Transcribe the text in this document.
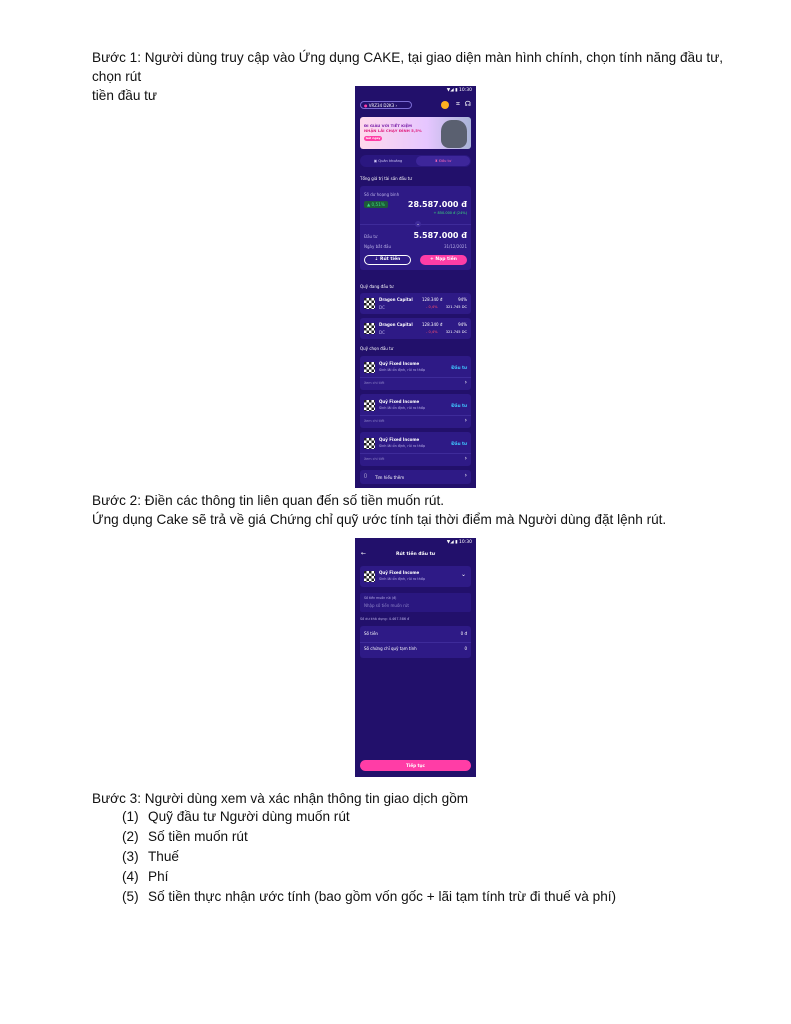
Bước 1: Người dùng truy cập vào Ứng dụng CAKE, tại giao diện màn hình chính, chọn tính năng đầu tư, chọn rút
tiền đầu tư	▼◢ ▮ 10:30
● VRZ34 D2K3 ›	⌗ ☊
ĐI GIÀU VỚI TIẾT KIỆM
NHẬN LÃI CHẠY ĐÌNH 5,5%
Gửi ngay
▣ Quản khoảng	♜ Đầu tư
Tổng giá trị tài sản đầu tư
Số dư hoạng bình
▲ 0,51%	28.587.000 đ
+ 850.000 đ (24%)
⌄
Đầu tư	5.587.000 đ
Ngày bắt đầu	31/12/2021
⇣ Rút tiền	+ Nạp tiền
Quỹ đang đầu tư
Dragon Capital
DC
128.340 đ
- 0,4%
94%
321.745 DC
Dragon Capital
DC
128.340 đ
- 0,4%
94%
321.745 DC
Quỹ chọn đầu tư
Quỹ Fixed Income
Sinh lãi ổn định, rủi ro thấp	Đầu tư
Xem chi tiết	›
Quỹ Fixed Income
Sinh lãi ổn định, rủi ro thấp	Đầu tư
Xem chi tiết	›
Quỹ Fixed Income
Sinh lãi ổn định, rủi ro thấp	Đầu tư
Xem chi tiết	›
▯ Tìm hiểu thêm	›
Bước 2: Điền các thông tin liên quan đến số tiền muốn rút.
Ứng dụng Cake sẽ trả về giá Chứng chỉ quỹ ước tính tại thời điểm mà Người dùng đặt lệnh rút.
▼◢ ▮ 10:30
←	Rút tiền đầu tư
Quỹ Fixed Income
Sinh lãi ổn định, rủi ro thấp
⌄
Số tiền muốn rút (đ)
Nhập số tiền muốn rút
Số dư khả dụng: 4.467.586 đ
Số tiền	0 đ
Số chứng chỉ quỹ tạm tính	0
Tiếp tục
Bước 3: Người dùng xem và xác nhận thông tin giao dịch gồm
(1) Quỹ đầu tư Người dùng muốn rút
(2) Số tiền muốn rút
(3) Thuế
(4) Phí
(5) Số tiền thực nhận ước tính (bao gồm vốn gốc + lãi tạm tính trừ đi thuế và phí)
